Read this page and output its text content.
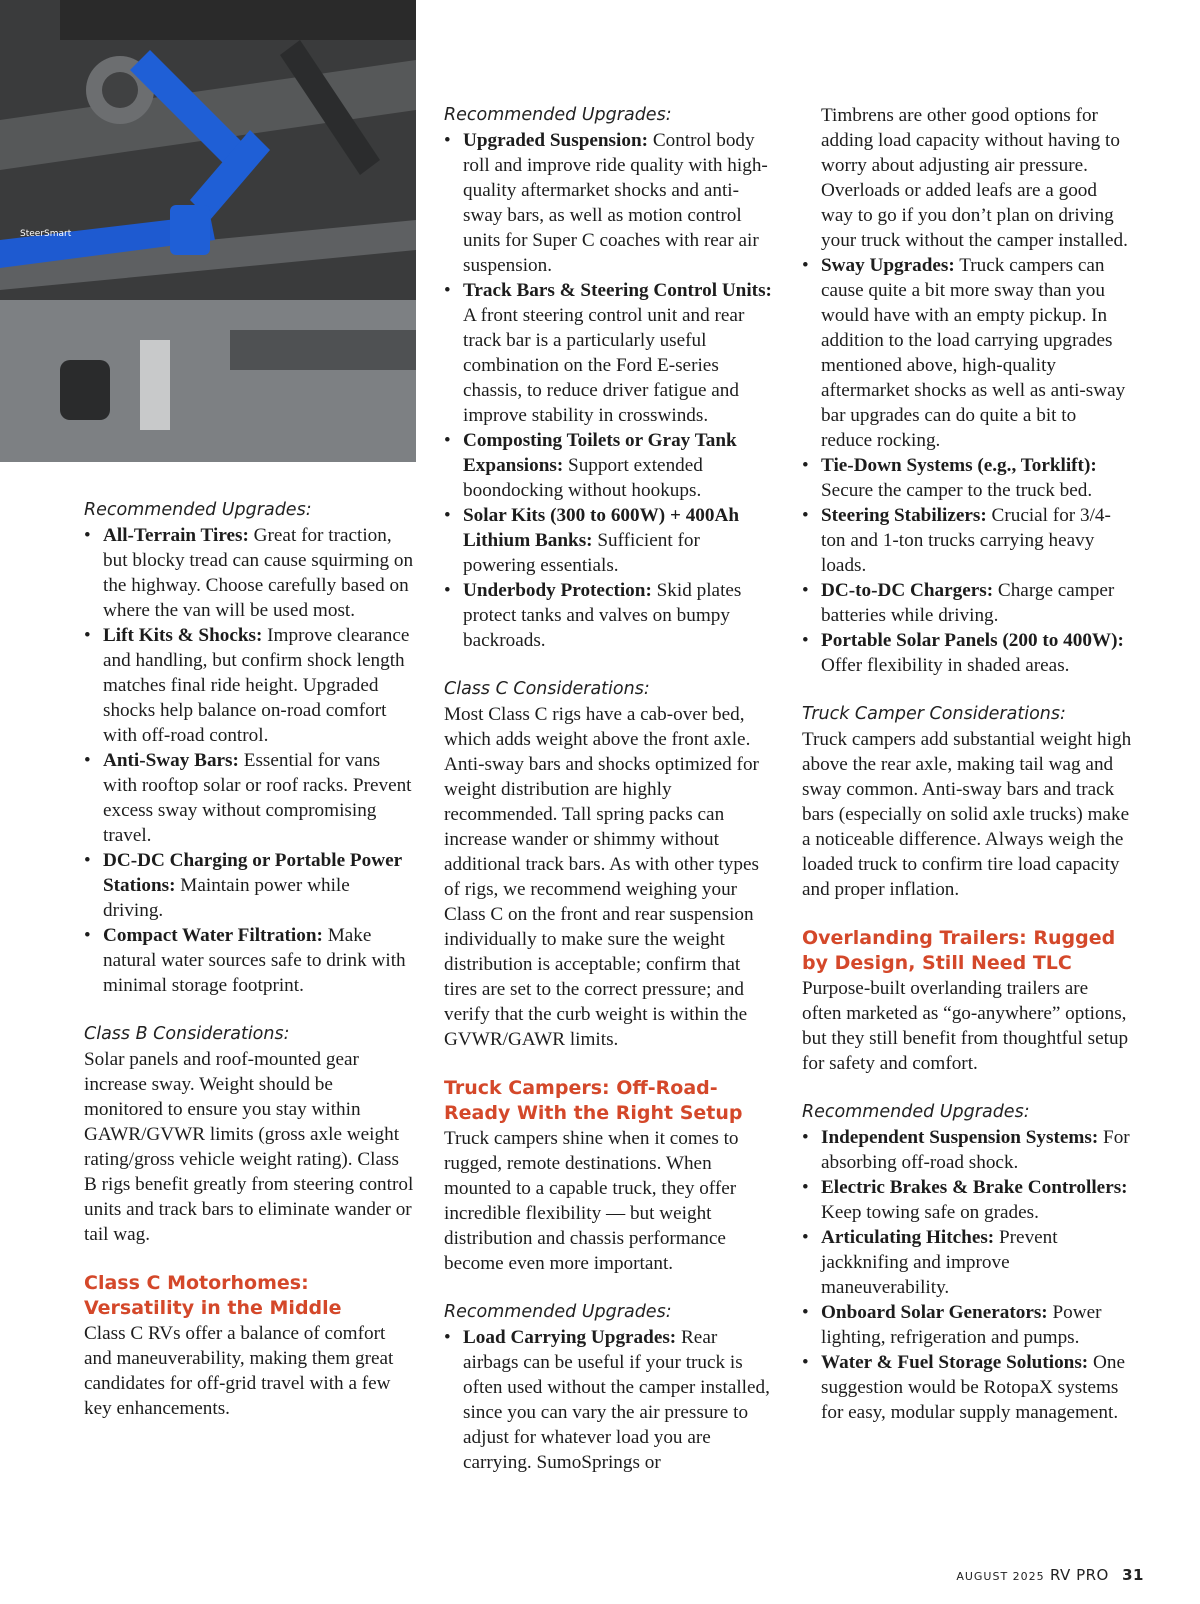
SteerSmart
Recommended Upgrades:
• All-Terrain Tires: Great for traction, but blocky tread can cause squirming on the highway. Choose carefully based on where the van will be used most.
• Lift Kits & Shocks: Improve clearance and handling, but confirm shock length matches final ride height. Upgraded shocks help balance on-road comfort with off-road control.
• Anti-Sway Bars: Essential for vans with rooftop solar or roof racks. Prevent excess sway without compromising travel.
• DC-DC Charging or Portable Power Stations: Maintain power while driving.
• Compact Water Filtration: Make natural water sources safe to drink with minimal storage footprint.
Class B Considerations:

Solar panels and roof-mounted gear increase sway. Weight should be monitored to ensure you stay within GAWR/GVWR limits (gross axle weight rating/gross vehicle weight rating). Class B rigs benefit greatly from steering control units and track bars to eliminate wander or tail wag.

Class C Motorhomes: Versatility in the Middle

Class C RVs offer a balance of comfort and maneuverability, making them great candidates for off-grid travel with a few key enhancements.

Recommended Upgrades:
• Upgraded Suspension: Control body roll and improve ride quality with high-quality aftermarket shocks and anti-sway bars, as well as motion control units for Super C coaches with rear air suspension.
• Track Bars & Steering Control Units: A front steering control unit and rear track bar is a particularly useful combination on the Ford E-series chassis, to reduce driver fatigue and improve stability in crosswinds.
• Composting Toilets or Gray Tank Expansions: Support extended boondocking without hookups.
• Solar Kits (300 to 600W) + 400Ah Lithium Banks: Sufficient for powering essentials.
• Underbody Protection: Skid plates protect tanks and valves on bumpy backroads.
Class C Considerations:

Most Class C rigs have a cab-over bed, which adds weight above the front axle. Anti-sway bars and shocks optimized for weight distribution are highly recommended. Tall spring packs can increase wander or shimmy without additional track bars. As with other types of rigs, we recommend weighing your Class C on the front and rear suspension individually to make sure the weight distribution is acceptable; confirm that tires are set to the correct pressure; and verify that the curb weight is within the GVWR/GAWR limits.

Truck Campers: Off-Road-Ready With the Right Setup

Truck campers shine when it comes to rugged, remote destinations. When mounted to a capable truck, they offer incredible flexibility — but weight distribution and chassis performance become even more important.

Recommended Upgrades:
• Load Carrying Upgrades: Rear airbags can be useful if your truck is often used without the camper installed, since you can vary the air pressure to adjust for whatever load you are carrying. SumoSprings or

Timbrens are other good options for adding load capacity without having to worry about adjusting air pressure. Overloads or added leafs are a good way to go if you don’t plan on driving your truck without the camper installed.

• Sway Upgrades: Truck campers can cause quite a bit more sway than you would have with an empty pickup. In addition to the load carrying upgrades mentioned above, high-quality aftermarket shocks as well as anti-sway bar upgrades can do quite a bit to reduce rocking.
• Tie-Down Systems (e.g., Torklift): Secure the camper to the truck bed.
• Steering Stabilizers: Crucial for 3/4-ton and 1-ton trucks carrying heavy loads.
• DC-to-DC Chargers: Charge camper batteries while driving.
• Portable Solar Panels (200 to 400W): Offer flexibility in shaded areas.
Truck Camper Considerations:

Truck campers add substantial weight high above the rear axle, making tail wag and sway common. Anti-sway bars and track bars (especially on solid axle trucks) make a noticeable difference. Always weigh the loaded truck to confirm tire load capacity and proper inflation.

Overlanding Trailers: Rugged by Design, Still Need TLC

Purpose-built overlanding trailers are often marketed as “go-anywhere” options, but they still benefit from thoughtful setup for safety and comfort.

Recommended Upgrades:
• Independent Suspension Systems: For absorbing off-road shock.
• Electric Brakes & Brake Controllers: Keep towing safe on grades.
• Articulating Hitches: Prevent jackknifing and improve maneuverability.
• Onboard Solar Generators: Power lighting, refrigeration and pumps.
• Water & Fuel Storage Solutions: One suggestion would be RotopaX systems for easy, modular supply management.
AUGUST 2025 RV PRO 31
